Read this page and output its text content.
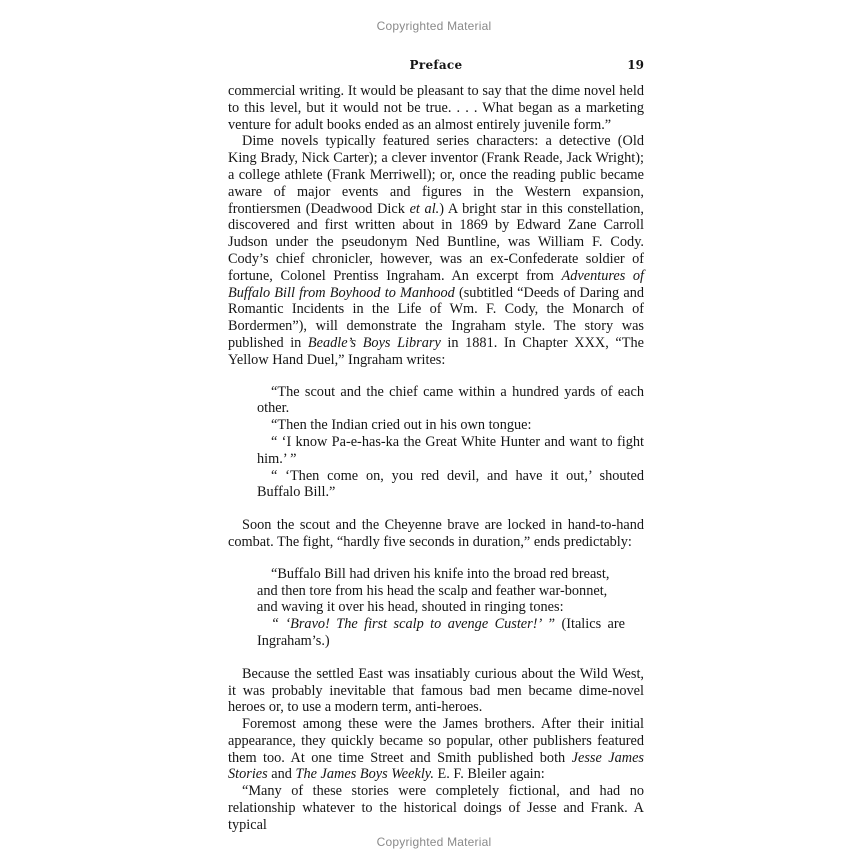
Copyrighted Material
Preface	19

commercial writing. It would be pleasant to say that the dime novel held to this level, but it would not be true. . . . What began as a marketing venture for adult books ended as an almost entirely juvenile form.”

Dime novels typically featured series characters: a detective (Old King Brady, Nick Carter); a clever inventor (Frank Reade, Jack Wright); a college athlete (Frank Merriwell); or, once the reading public became aware of major events and figures in the Western expansion, frontiersmen (Deadwood Dick et al.) A bright star in this constellation, discovered and first written about in 1869 by Edward Zane Carroll Judson under the pseudonym Ned Buntline, was William F. Cody. Cody’s chief chronicler, however, was an ex-Confederate soldier of fortune, Colonel Prentiss Ingraham. An excerpt from Adventures of Buffalo Bill from Boyhood to Manhood (subtitled “Deeds of Daring and Romantic Incidents in the Life of Wm. F. Cody, the Monarch of Bordermen”), will demonstrate the Ingraham style. The story was published in Beadle’s Boys Library in 1881. In Chapter XXX, “The Yellow Hand Duel,” Ingraham writes:

“The scout and the chief came within a hundred yards of each other.

“Then the Indian cried out in his own tongue:

“ ‘I know Pa-e-has-ka the Great White Hunter and want to fight him.’ ”

“ ‘Then come on, you red devil, and have it out,’ shouted Buffalo Bill.”

Soon the scout and the Cheyenne brave are locked in hand-to-hand combat. The fight, “hardly five seconds in duration,” ends predictably:

“Buffalo Bill had driven his knife into the broad red breast,

and then tore from his head the scalp and feather war-bonnet,

and waving it over his head, shouted in ringing tones:

“ ‘Bravo! The first scalp to avenge Custer!’ ” (Italics are Ingraham’s.)

Because the settled East was insatiably curious about the Wild West, it was probably inevitable that famous bad men became dime-novel heroes or, to use a modern term, anti-heroes.

Foremost among these were the James brothers. After their initial appearance, they quickly became so popular, other publishers featured them too. At one time Street and Smith published both Jesse James Stories and The James Boys Weekly. E. F. Bleiler again:

“Many of these stories were completely fictional, and had no relationship whatever to the historical doings of Jesse and Frank. A typical

Copyrighted Material
